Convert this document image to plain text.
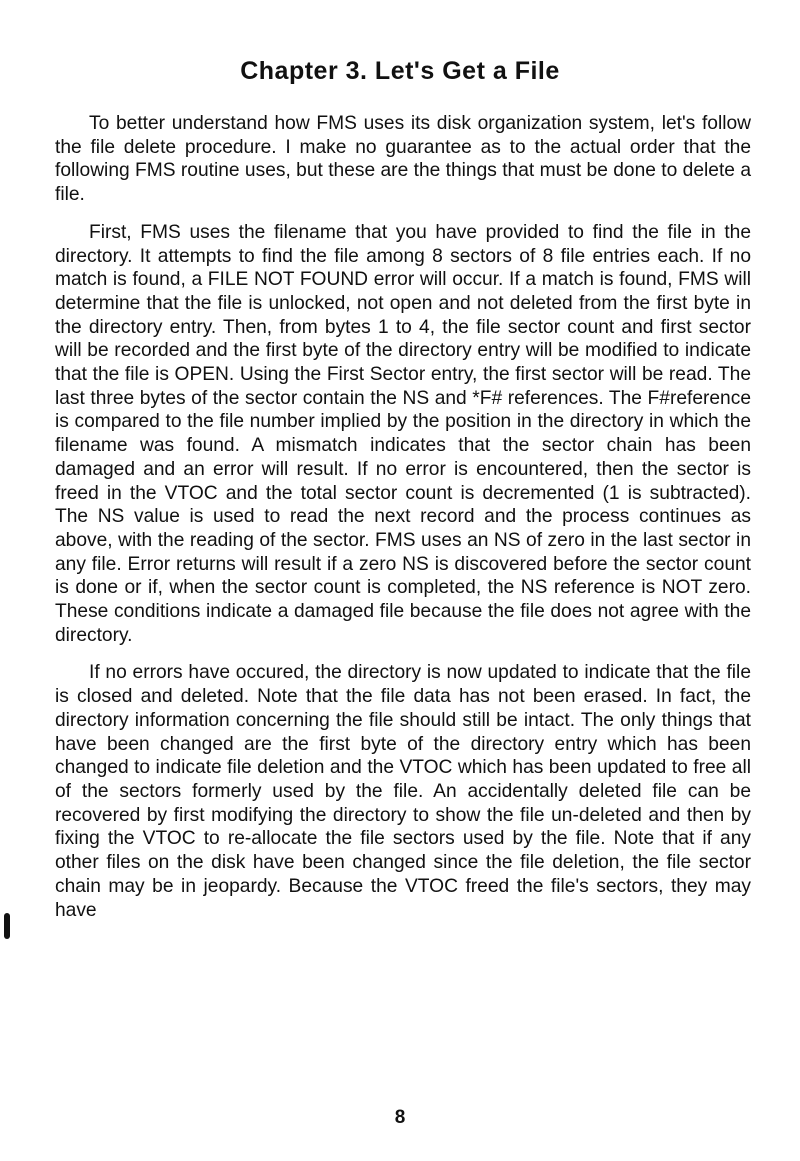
Chapter 3. Let's Get a File

To better understand how FMS uses its disk organization system, let's follow the file delete procedure. I make no guarantee as to the actual order that the following FMS routine uses, but these are the things that must be done to delete a file.

First, FMS uses the filename that you have provided to find the file in the directory. It attempts to find the file among 8 sectors of 8 file entries each. If no match is found, a FILE NOT FOUND error will occur. If a match is found, FMS will determine that the file is unlocked, not open and not deleted from the first byte in the directory entry. Then, from bytes 1 to 4, the file sector count and first sector will be recorded and the first byte of the directory entry will be modified to indicate that the file is OPEN. Using the First Sector entry, the first sector will be read. The last three bytes of the sector contain the NS and *F# references. The F#reference is compared to the file number implied by the position in the directory in which the filename was found. A mismatch indicates that the sector chain has been damaged and an error will result. If no error is encountered, then the sector is freed in the VTOC and the total sector count is decremented (1 is subtracted). The NS value is used to read the next record and the process continues as above, with the reading of the sector. FMS uses an NS of zero in the last sector in any file. Error returns will result if a zero NS is discovered before the sector count is done or if, when the sector count is completed, the NS reference is NOT zero. These conditions indicate a damaged file because the file does not agree with the directory.

If no errors have occured, the directory is now updated to indicate that the file is closed and deleted. Note that the file data has not been erased. In fact, the directory information concerning the file should still be intact. The only things that have been changed are the first byte of the directory entry which has been changed to indicate file deletion and the VTOC which has been updated to free all of the sectors formerly used by the file. An accidentally deleted file can be recovered by first modifying the directory to show the file un-deleted and then by fixing the VTOC to re-allocate the file sectors used by the file. Note that if any other files on the disk have been changed since the file deletion, the file sector chain may be in jeopardy. Because the VTOC freed the file's sectors, they may have

8
